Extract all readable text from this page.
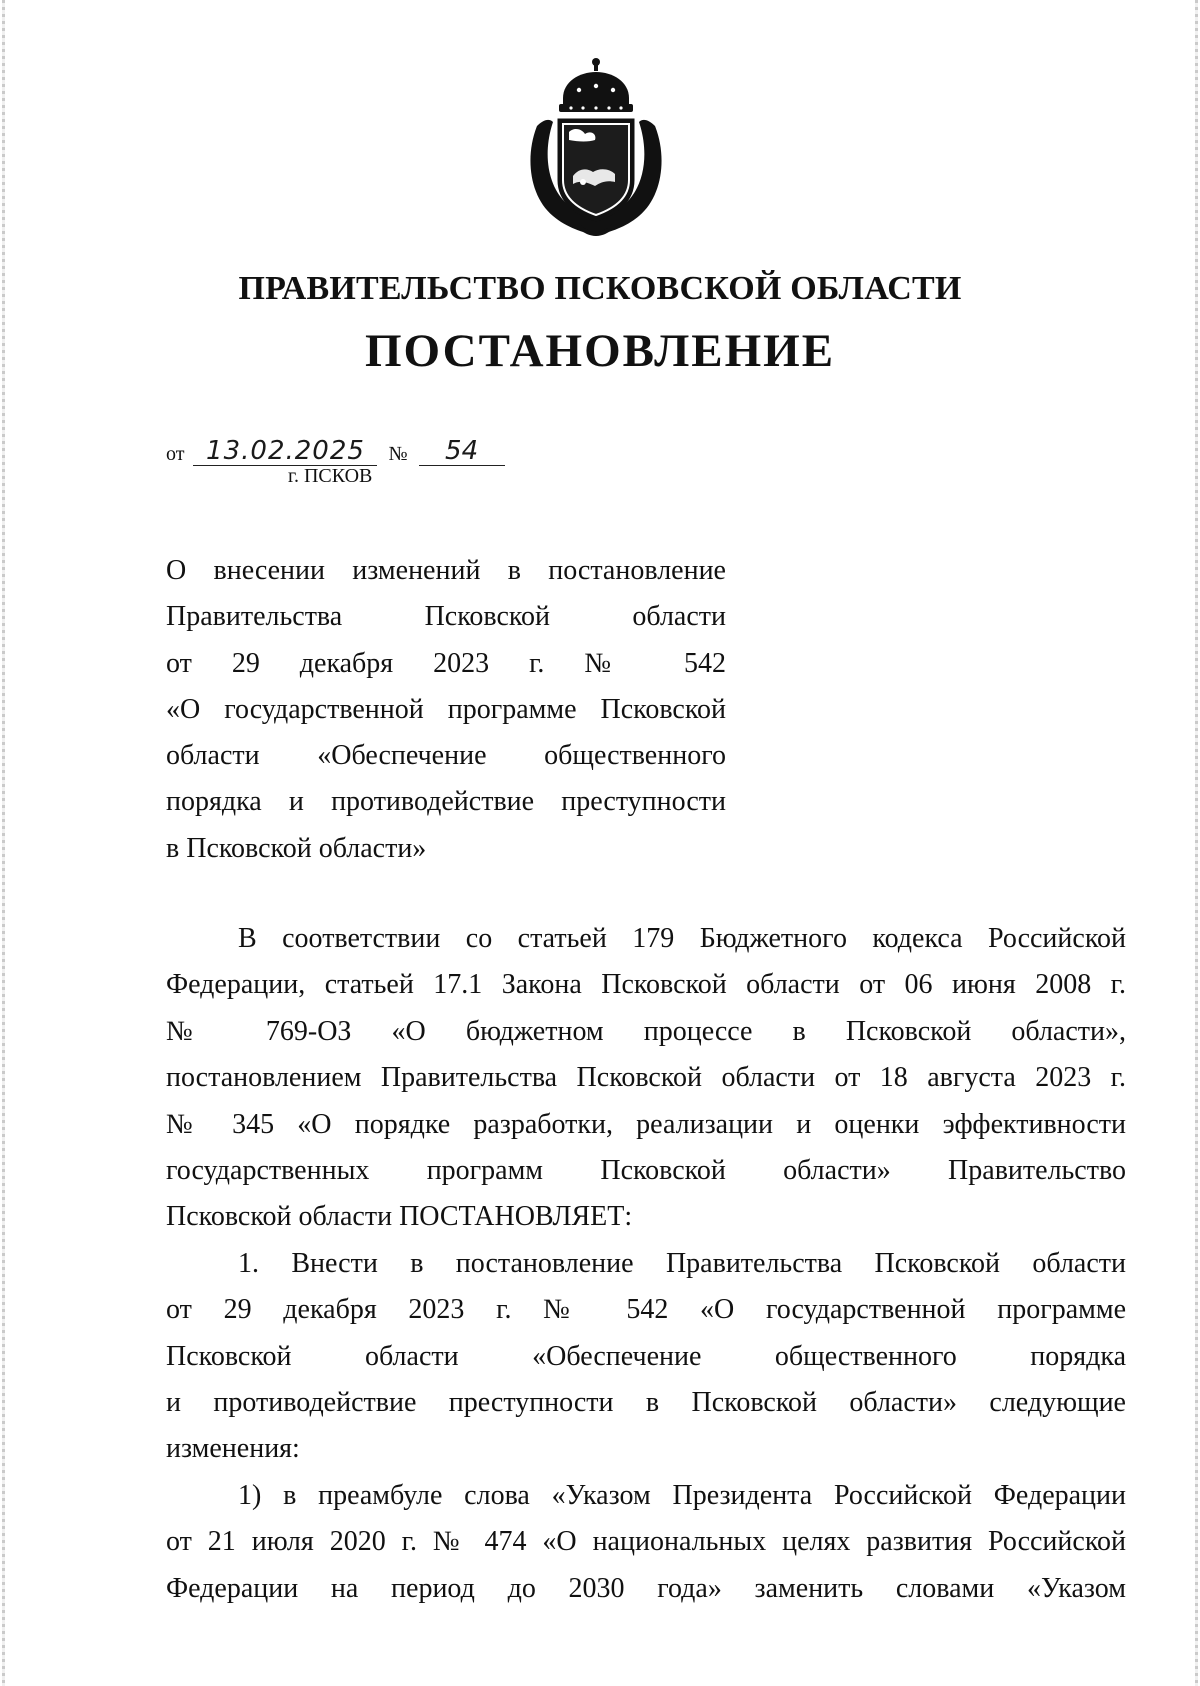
ПРАВИТЕЛЬСТВО ПСКОВСКОЙ ОБЛАСТИ
ПОСТАНОВЛЕНИЕ
от 13.02.2025 № 54
г. ПСКОВ
О внесении изменений в постановление
Правительства Псковской области
от 29 декабря 2023 г. № 542
«О государственной программе Псковской
области «Обеспечение общественного
порядка и противодействие преступности
в Псковской области»
В соответствии со статьей 179 Бюджетного кодекса Российской
Федерации, статьей 17.1 Закона Псковской области от 06 июня 2008 г.
№ 769-ОЗ «О бюджетном процессе в Псковской области»,
постановлением Правительства Псковской области от 18 августа 2023 г.
№ 345 «О порядке разработки, реализации и оценки эффективности
государственных программ Псковской области» Правительство
Псковской области ПОСТАНОВЛЯЕТ:
1. Внести в постановление Правительства Псковской области
от 29 декабря 2023 г. № 542 «О государственной программе
Псковской области «Обеспечение общественного порядка
и противодействие преступности в Псковской области» следующие
изменения:
1) в преамбуле слова «Указом Президента Российской Федерации
от 21 июля 2020 г. № 474 «О национальных целях развития Российской
Федерации на период до 2030 года» заменить словами «Указом
